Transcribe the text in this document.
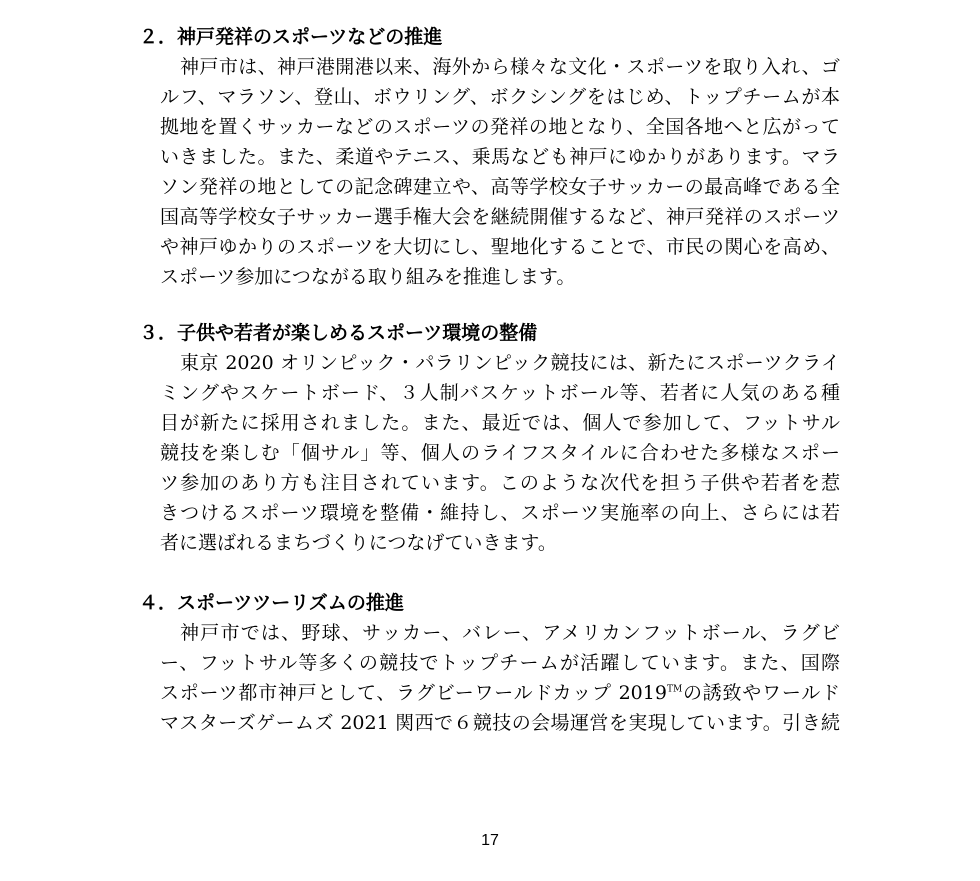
２．神戸発祥のスポーツなどの推進
神戸市は、神戸港開港以来、海外から様々な文化・スポーツを取り入れ、ゴ
ルフ、マラソン、登山、ボウリング、ボクシングをはじめ、トップチームが本
拠地を置くサッカーなどのスポーツの発祥の地となり、全国各地へと広がって
いきました。また、柔道やテニス、乗馬なども神戸にゆかりがあります。マラ
ソン発祥の地としての記念碑建立や、高等学校女子サッカーの最高峰である全
国高等学校女子サッカー選手権大会を継続開催するなど、神戸発祥のスポーツ
や神戸ゆかりのスポーツを大切にし、聖地化することで、市民の関心を高め、
スポーツ参加につながる取り組みを推進します。
３．子供や若者が楽しめるスポーツ環境の整備
東京 2020 オリンピック・パラリンピック競技には、新たにスポーツクライ
ミングやスケートボード、３人制バスケットボール等、若者に人気のある種
目が新たに採用されました。また、最近では、個人で参加して、フットサル
競技を楽しむ「個サル」等、個人のライフスタイルに合わせた多様なスポー
ツ参加のあり方も注目されています。このような次代を担う子供や若者を惹
きつけるスポーツ環境を整備・維持し、スポーツ実施率の向上、さらには若
者に選ばれるまちづくりにつなげていきます。
４．スポーツツーリズムの推進
神戸市では、野球、サッカー、バレー、アメリカンフットボール、ラグビ
ー、フットサル等多くの競技でトップチームが活躍しています。また、国際
スポーツ都市神戸として、ラグビーワールドカップ 2019™の誘致やワールド
マスターズゲームズ 2021 関西で６競技の会場運営を実現しています。引き続
17
